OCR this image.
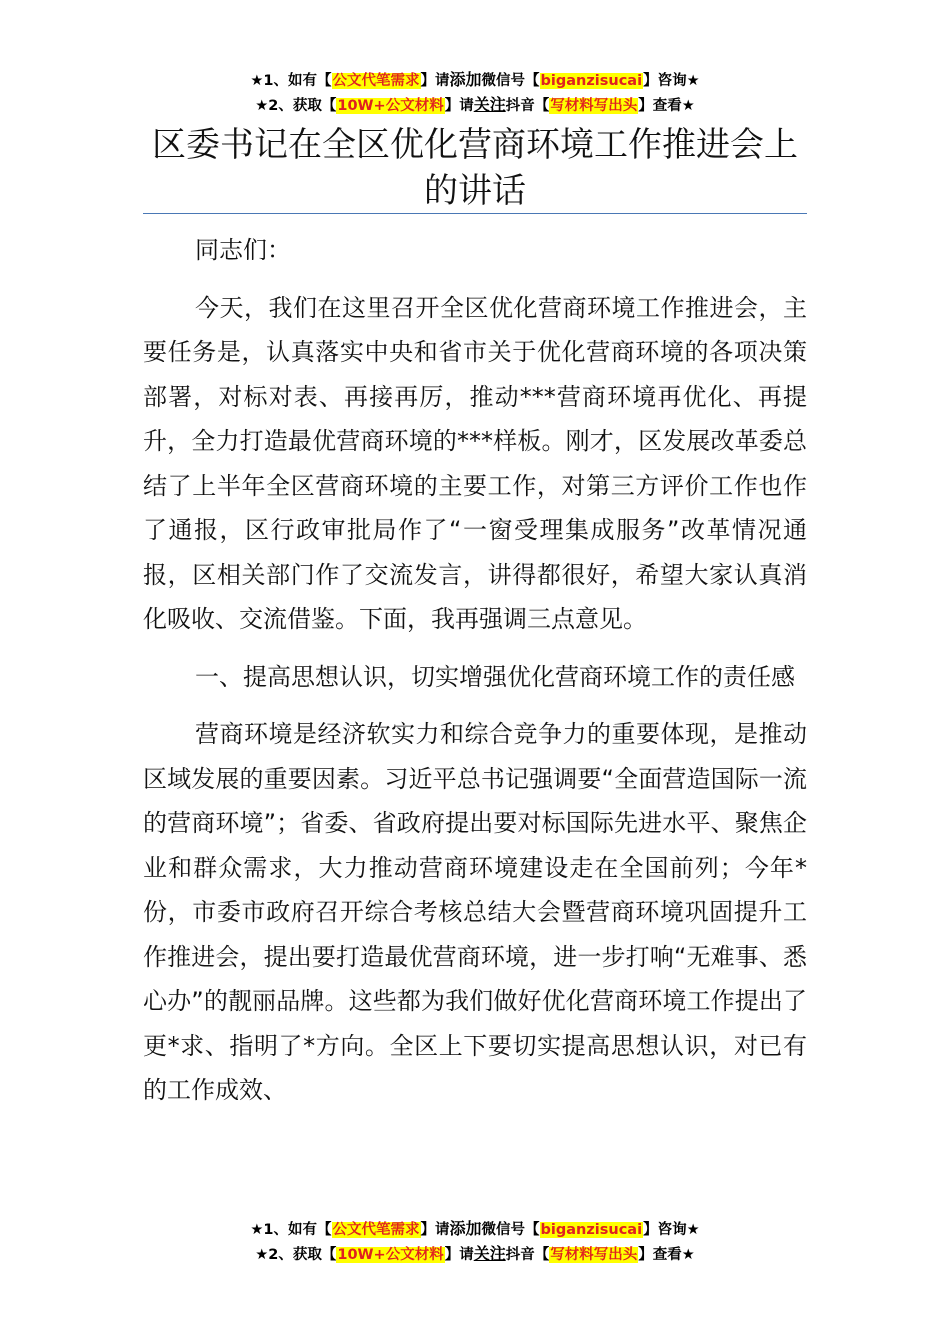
★1、如有【公文代笔需求】请添加微信号【biganzisucai】咨询★
★2、获取【10W+公文材料】请关注抖音【写材料写出头】查看★
区委书记在全区优化营商环境工作推进会上的讲话

同志们：

今天，我们在这里召开全区优化营商环境工作推进会，主要任务是，认真落实中央和省市关于优化营商环境的各项决策部署，对标对表、再接再厉，推动***营商环境再优化、再提升，全力打造最优营商环境的***样板。刚才，区发展改革委总结了上半年全区营商环境的主要工作，对第三方评价工作也作了通报，区行政审批局作了“一窗受理集成服务”改革情况通报，区相关部门作了交流发言，讲得都很好，希望大家认真消化吸收、交流借鉴。下面，我再强调三点意见。

一、提高思想认识，切实增强优化营商环境工作的责任感

营商环境是经济软实力和综合竞争力的重要体现，是推动区域发展的重要因素。习近平总书记强调要“全面营造国际一流的营商环境”；省委、省政府提出要对标国际先进水平、聚焦企业和群众需求，大力推动营商环境建设走在全国前列；今年*份，市委市政府召开综合考核总结大会暨营商环境巩固提升工作推进会，提出要打造最优营商环境，进一步打响“无难事、悉心办”的靓丽品牌。这些都为我们做好优化营商环境工作提出了更*求、指明了*方向。全区上下要切实提高思想认识，对已有的工作成效、

★1、如有【公文代笔需求】请添加微信号【biganzisucai】咨询★
★2、获取【10W+公文材料】请关注抖音【写材料写出头】查看★
